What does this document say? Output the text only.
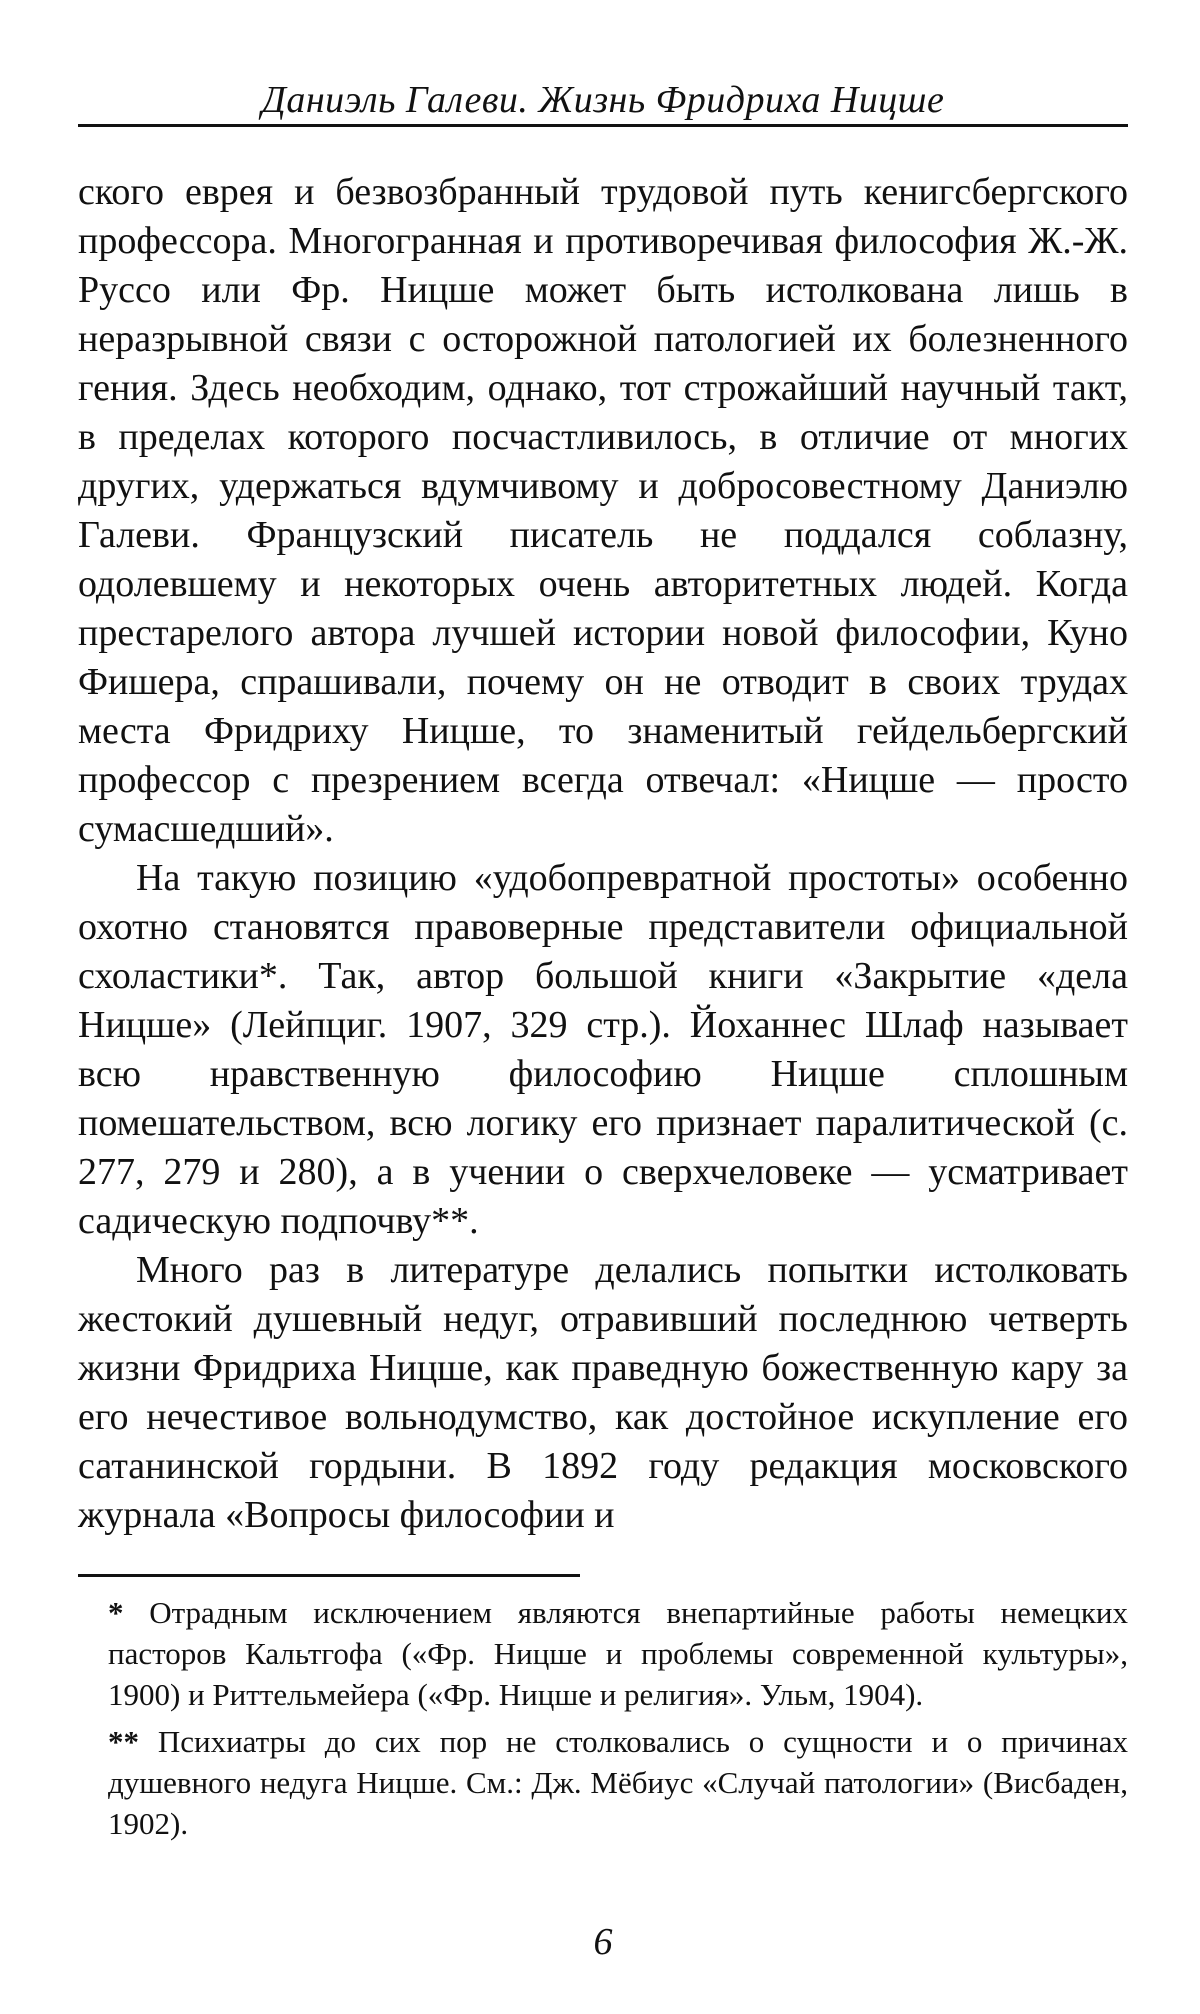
Даниэль Галеви. Жизнь Фридриха Ницше

ского еврея и безвозбранный трудовой путь кенигсбергского профессора. Многогранная и противоречивая философия Ж.-Ж. Руссо или Фр. Ницше может быть истолкована лишь в неразрывной связи с осторожной патологией их болезненного гения. Здесь необходим, однако, тот строжайший научный такт, в пределах которого посчастливилось, в отличие от многих других, удержаться вдумчивому и добросовестному Даниэлю Галеви. Французский писатель не поддался соблазну, одолевшему и некоторых очень авторитетных людей. Когда престарелого автора лучшей истории новой философии, Куно Фишера, спрашивали, почему он не отводит в своих трудах места Фридриху Ницше, то знаменитый гейдельбергский профессор с презрением всегда отвечал: «Ницше — просто сумасшедший».

На такую позицию «удобопревратной простоты» особенно охотно становятся правоверные представители официальной схоластики*. Так, автор большой книги «Закрытие «дела Ницше» (Лейпциг. 1907, 329 стр.). Йоханнес Шлаф называет всю нравственную философию Ницше сплошным помешательством, всю логику его признает паралитической (с. 277, 279 и 280), а в учении о сверхчеловеке — усматривает садическую подпочву**.

Много раз в литературе делались попытки истолковать жестокий душевный недуг, отравивший последнюю четверть жизни Фридриха Ницше, как праведную божественную кару за его нечестивое вольнодумство, как достойное искупление его сатанинской гордыни. В 1892 году редакция московского журнала «Вопросы философии и

* Отрадным исключением являются внепартийные работы немецких пасторов Кальтгофа («Фр. Ницше и проблемы современной культуры», 1900) и Риттельмейера («Фр. Ницше и религия». Ульм, 1904).

** Психиатры до сих пор не столковались о сущности и о причинах душевного недуга Ницше. См.: Дж. Мёбиус «Случай патологии» (Висбаден, 1902).

6
